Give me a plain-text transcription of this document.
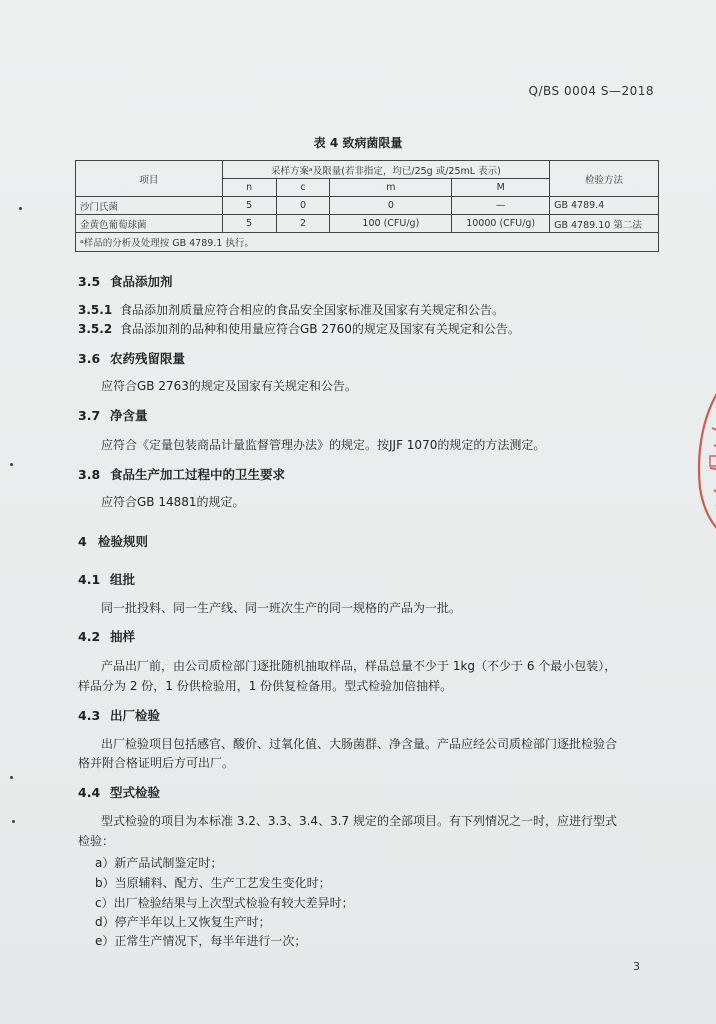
Q/BS 0004 S—2018
表 4 致病菌限量
项目	采样方案ᵃ及限量(若非指定，均已/25g 或/25mL 表示)				检验方法
	n	c	m	M	
沙门氏菌	5	0	0	—	GB 4789.4
金黄色葡萄球菌	5	2	100 (CFU/g)	10000 (CFU/g)	GB 4789.10 第二法
ᵃ样品的分析及处理按 GB 4789.1 执行。					
3.5 食品添加剂
3.5.1 食品添加剂质量应符合相应的食品安全国家标准及国家有关规定和公告。
3.5.2 食品添加剂的品种和使用量应符合GB 2760的规定及国家有关规定和公告。
3.6 农药残留限量
应符合GB 2763的规定及国家有关规定和公告。
3.7 净含量
应符合《定量包装商品计量监督管理办法》的规定。按JJF 1070的规定的方法测定。
3.8 食品生产加工过程中的卫生要求
应符合GB 14881的规定。
4 检验规则
4.1 组批
同一批投料、同一生产线、同一班次生产的同一规格的产品为一批。
4.2 抽样
产品出厂前，由公司质检部门逐批随机抽取样品，样品总量不少于 1kg（不少于 6 个最小包装），
样品分为 2 份，1 份供检验用，1 份供复检备用。型式检验加倍抽样。
4.3 出厂检验
出厂检验项目包括感官、酸价、过氧化值、大肠菌群、净含量。产品应经公司质检部门逐批检验合
格并附合格证明后方可出厂。
4.4 型式检验
型式检验的项目为本标准 3.2、3.3、3.4、3.7 规定的全部项目。有下列情况之一时，应进行型式
检验：
a）新产品试制鉴定时；
b）当原辅料、配方、生产工艺发生变化时；
c）出厂检验结果与上次型式检验有较大差异时；
d）停产半年以上又恢复生产时；
e）正常生产情况下，每半年进行一次；
3
